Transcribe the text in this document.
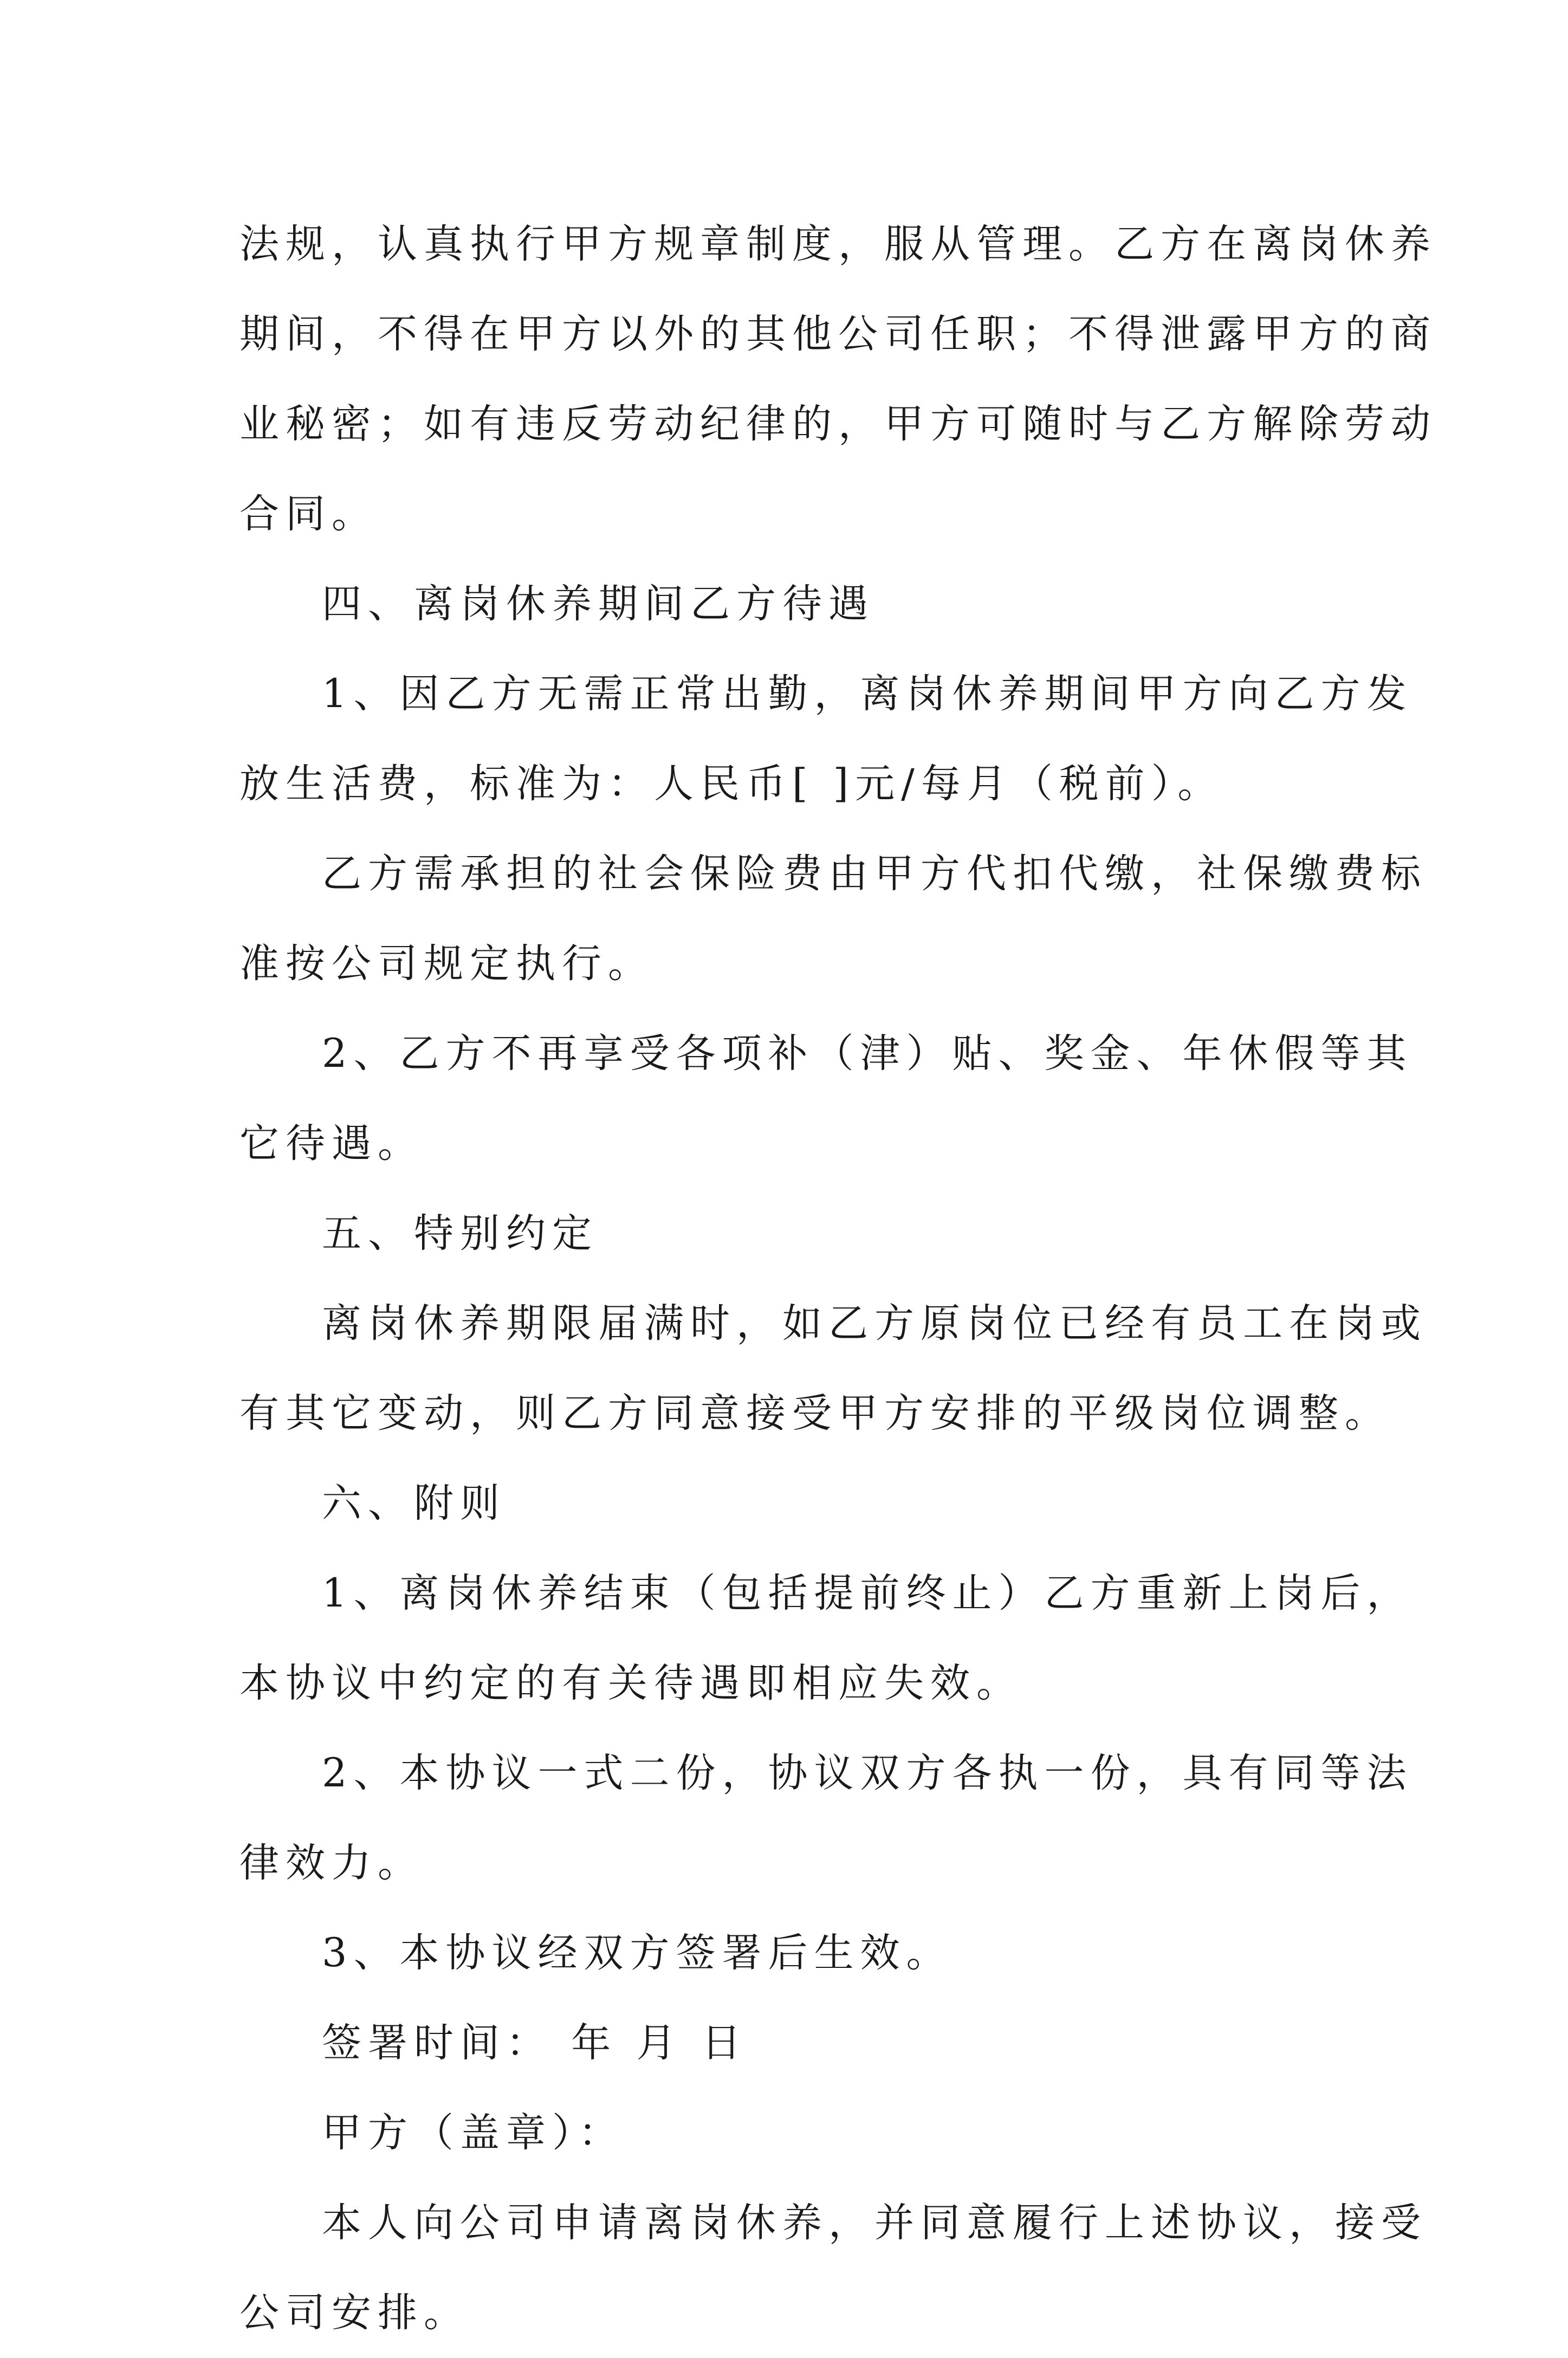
法规，认真执行甲方规章制度，服从管理。乙方在离岗休养
期间，不得在甲方以外的其他公司任职；不得泄露甲方的商
业秘密；如有违反劳动纪律的，甲方可随时与乙方解除劳动
合同。
四、离岗休养期间乙方待遇
1、因乙方无需正常出勤，离岗休养期间甲方向乙方发
放生活费，标准为：人民币[ ]元/每月（税前）。
乙方需承担的社会保险费由甲方代扣代缴，社保缴费标
准按公司规定执行。
2、乙方不再享受各项补（津）贴、奖金、年休假等其
它待遇。
五、特别约定
离岗休养期限届满时，如乙方原岗位已经有员工在岗或
有其它变动，则乙方同意接受甲方安排的平级岗位调整。
六、附则
1、离岗休养结束（包括提前终止）乙方重新上岗后，
本协议中约定的有关待遇即相应失效。
2、本协议一式二份，协议双方各执一份，具有同等法
律效力。
3、本协议经双方签署后生效。
签署时间： 年 月 日
甲方（盖章）：
本人向公司申请离岗休养，并同意履行上述协议，接受
公司安排。
